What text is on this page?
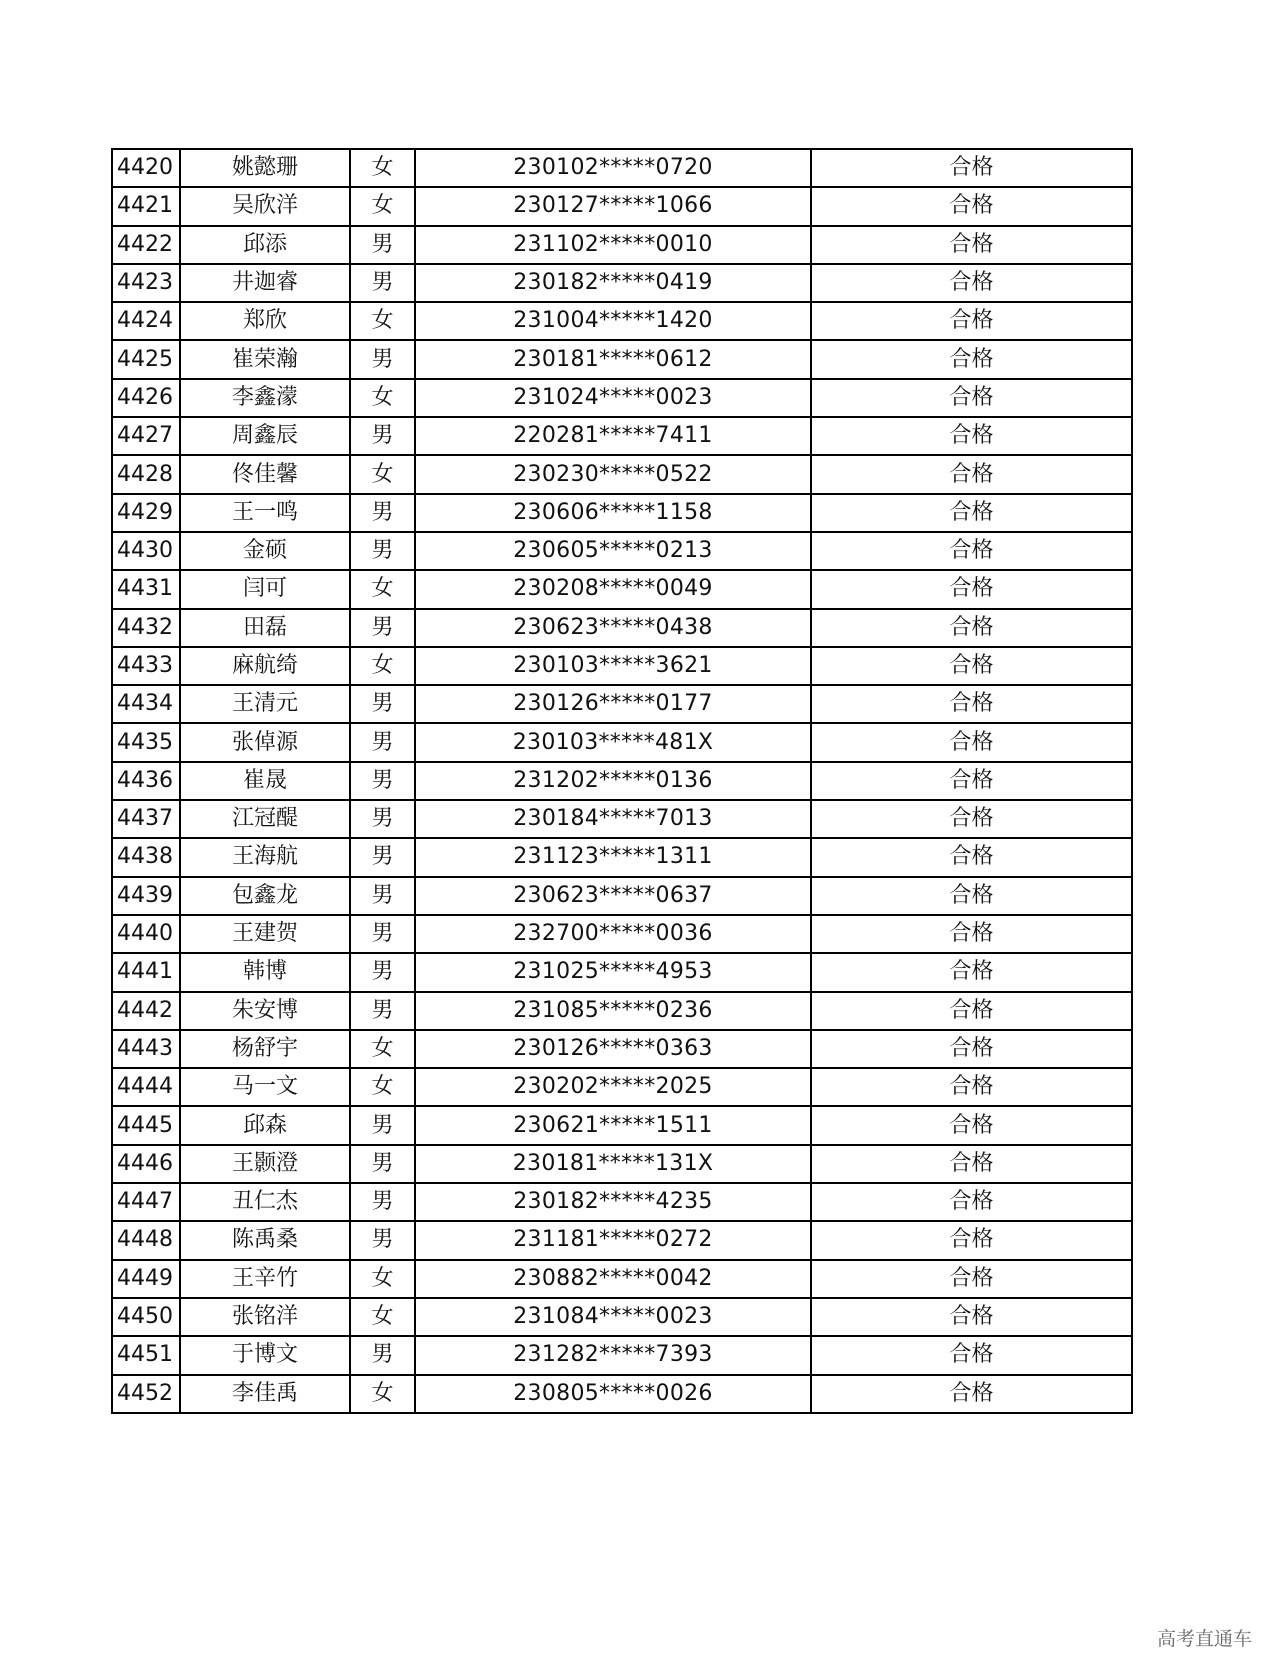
4420	姚懿珊	女	230102*****0720	合格
4421	吴欣洋	女	230127*****1066	合格
4422	邱添	男	231102*****0010	合格
4423	井迦睿	男	230182*****0419	合格
4424	郑欣	女	231004*****1420	合格
4425	崔荣瀚	男	230181*****0612	合格
4426	李鑫濛	女	231024*****0023	合格
4427	周鑫辰	男	220281*****7411	合格
4428	佟佳馨	女	230230*****0522	合格
4429	王一鸣	男	230606*****1158	合格
4430	金硕	男	230605*****0213	合格
4431	闫可	女	230208*****0049	合格
4432	田磊	男	230623*****0438	合格
4433	麻航绮	女	230103*****3621	合格
4434	王清元	男	230126*****0177	合格
4435	张倬源	男	230103*****481X	合格
4436	崔晟	男	231202*****0136	合格
4437	江冠醍	男	230184*****7013	合格
4438	王海航	男	231123*****1311	合格
4439	包鑫龙	男	230623*****0637	合格
4440	王建贺	男	232700*****0036	合格
4441	韩博	男	231025*****4953	合格
4442	朱安博	男	231085*****0236	合格
4443	杨舒宇	女	230126*****0363	合格
4444	马一文	女	230202*****2025	合格
4445	邱森	男	230621*****1511	合格
4446	王颢澄	男	230181*****131X	合格
4447	丑仁杰	男	230182*****4235	合格
4448	陈禹桑	男	231181*****0272	合格
4449	王辛竹	女	230882*****0042	合格
4450	张铭洋	女	231084*****0023	合格
4451	于博文	男	231282*****7393	合格
4452	李佳禹	女	230805*****0026	合格
高考直通车
